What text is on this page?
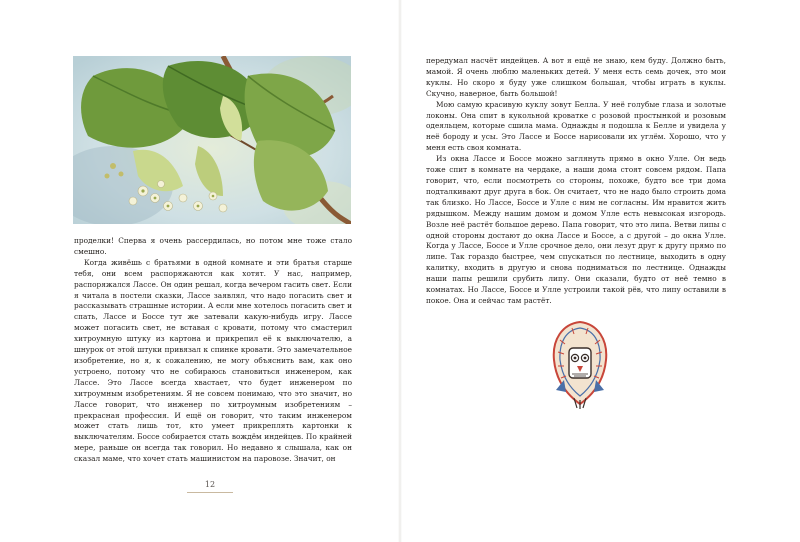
проделки! Сперва я очень рассердилась, но потом мне тоже стало смешно.

Когда живёшь с братьями в одной комнате и эти братья старше тебя, они всем распоряжаются как хотят. У нас, например, распоряжался Лассе. Он один решал, когда вечером гасить свет. Если я читала в постели сказки, Лассе заявлял, что надо погасить свет и рассказывать страшные истории. А если мне хотелось погасить свет и спать, Лассе и Боссе тут же затевали какую-нибудь игру. Лассе может погасить свет, не вставая с кровати, потому что смастерил хитроумную штуку из картона и прикрепил её к выключателю, а шнурок от этой штуки привязал к спинке кровати. Это замечательное изобретение, но я, к сожалению, не могу объяснить вам, как оно устроено, потому что не собираюсь становиться инженером, как Лассе. Это Лассе всегда хвастает, что будет инженером по хитроумным изобретениям. Я не совсем понимаю, что это значит, но Лассе говорит, что инженер по хитроумным изобретениям – прекрасная профессия. И ещё он говорит, что таким инженером может стать лишь тот, кто умеет прикреплять картонки к выключателям. Боссе собирается стать вождём индейцев. По крайней мере, раньше он всегда так говорил. Но недавно я слышала, как он сказал маме, что хочет стать машинистом на паровозе. Значит, он

12

передумал насчёт индейцев. А вот я ещё не знаю, кем буду. Должно быть, мамой. Я очень люблю маленьких детей. У меня есть семь дочек, это мои куклы. Но скоро я буду уже слишком большая, чтобы играть в куклы. Скучно, наверное, быть большой!

Мою самую красивую куклу зовут Белла. У неё голубые глаза и золотые локоны. Она спит в кукольной кроватке с розовой простынкой и розовым одеяльцем, которые сшила мама. Однажды я подошла к Белле и увидела у неё бороду и усы. Это Лассе и Боссе нарисовали их углём. Хорошо, что у меня есть своя комната.

Из окна Лассе и Боссе можно заглянуть прямо в окно Улле. Он ведь тоже спит в комнате на чердаке, а наши дома стоят совсем рядом. Папа говорит, что, если посмотреть со стороны, похоже, будто все три дома подталкивают друг друга в бок. Он считает, что не надо было строить дома так близко. Но Лассе, Боссе и Улле с ним не согласны. Им нравится жить рядышком. Между нашим домом и домом Улле есть невысокая изгородь. Возле неё растёт большое дерево. Папа говорит, что это липа. Ветви липы с одной стороны достают до окна Лассе и Боссе, а с другой – до окна Улле. Когда у Лассе, Боссе и Улле срочное дело, они лезут друг к другу прямо по липе. Так гораздо быстрее, чем спускаться по лестнице, выходить в одну калитку, входить в другую и снова подниматься по лестнице. Однажды наши папы решили срубить липу. Они сказали, будто от неё темно в комнатах. Но Лассе, Боссе и Улле устроили такой рёв, что липу оставили в покое. Она и сейчас там растёт.
